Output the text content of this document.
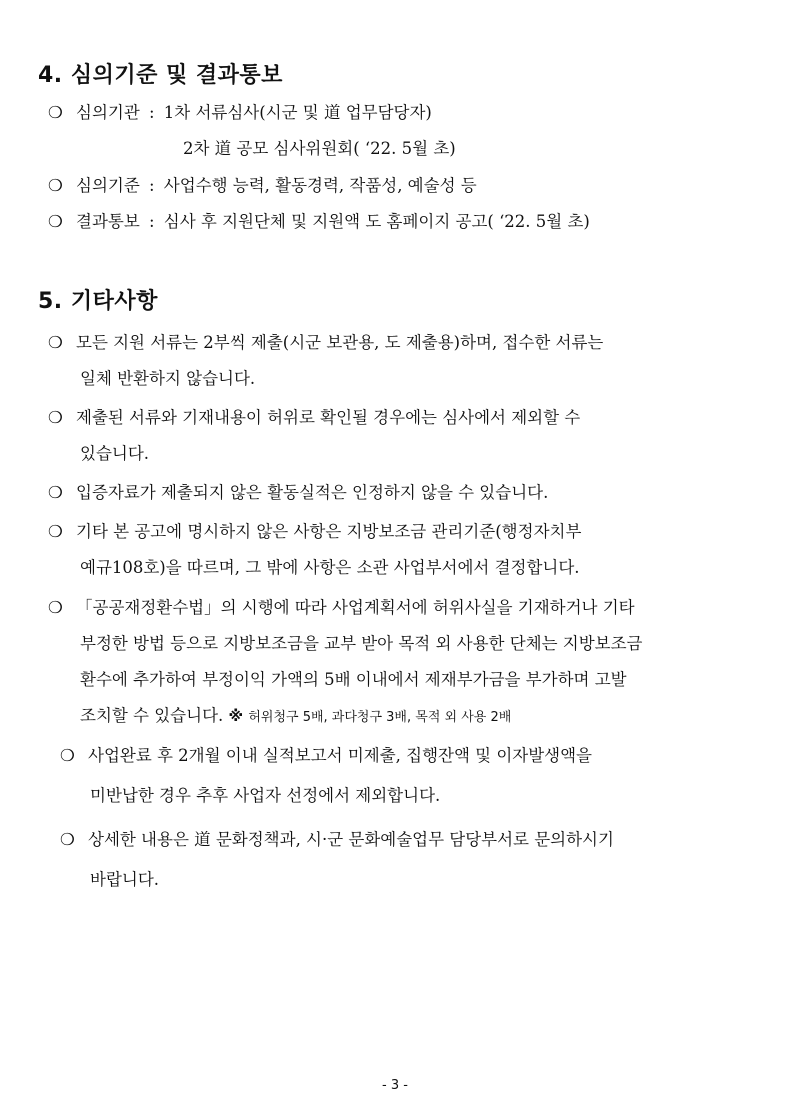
4. 심의기준 및 결과통보
❍ 심의기관 : 1차 서류심사(시군 및 道 업무담당자)
2차 道 공모 심사위원회( ‘22. 5월 초)
❍ 심의기준 : 사업수행 능력, 활동경력, 작품성, 예술성 등
❍ 결과통보 : 심사 후 지원단체 및 지원액 도 홈페이지 공고( ‘22. 5월 초)
5. 기타사항
❍ 모든 지원 서류는 2부씩 제출(시군 보관용, 도 제출용)하며, 접수한 서류는
일체 반환하지 않습니다.
❍ 제출된 서류와 기재내용이 허위로 확인될 경우에는 심사에서 제외할 수
있습니다.
❍ 입증자료가 제출되지 않은 활동실적은 인정하지 않을 수 있습니다.
❍ 기타 본 공고에 명시하지 않은 사항은 지방보조금 관리기준(행정자치부
예규108호)을 따르며, 그 밖에 사항은 소관 사업부서에서 결정합니다.
❍ 「공공재정환수법」의 시행에 따라 사업계획서에 허위사실을 기재하거나 기타
부정한 방법 등으로 지방보조금을 교부 받아 목적 외 사용한 단체는 지방보조금
환수에 추가하여 부정이익 가액의 5배 이내에서 제재부가금을 부가하며 고발
조치할 수 있습니다. ※ 허위청구 5배, 과다청구 3배, 목적 외 사용 2배
❍ 사업완료 후 2개월 이내 실적보고서 미제출, 집행잔액 및 이자발생액을
미반납한 경우 추후 사업자 선정에서 제외합니다.
❍ 상세한 내용은 道 문화정책과, 시·군 문화예술업무 담당부서로 문의하시기
바랍니다.
- 3 -
